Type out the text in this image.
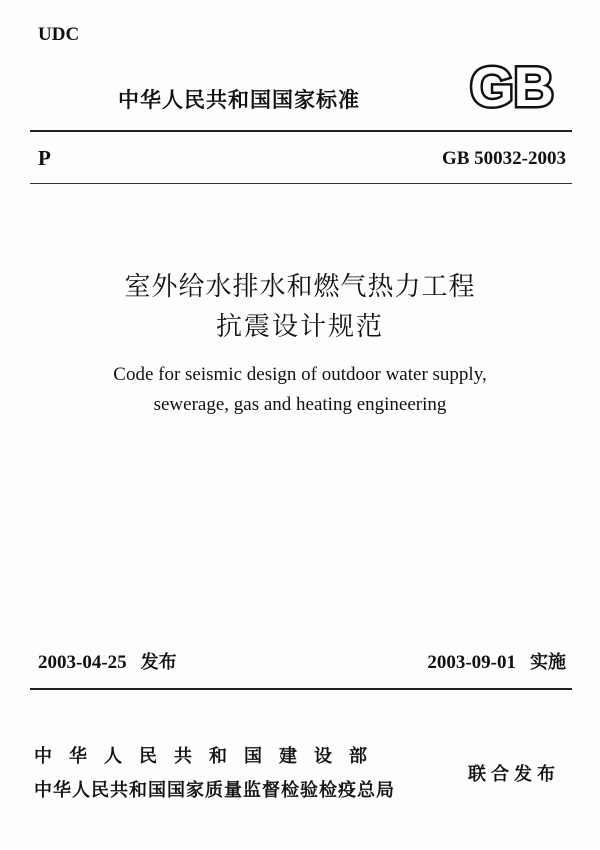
UDC
中华人民共和国国家标准 GB
P	GB 50032-2003
室外给水排水和燃气热力工程
抗震设计规范
Code for seismic design of outdoor water supply,
sewerage, gas and heating engineering
2003-04-25 发布	2003-09-01 实施
中华人民共和国建设部
中华人民共和国国家质量监督检验检疫总局
联合发布
